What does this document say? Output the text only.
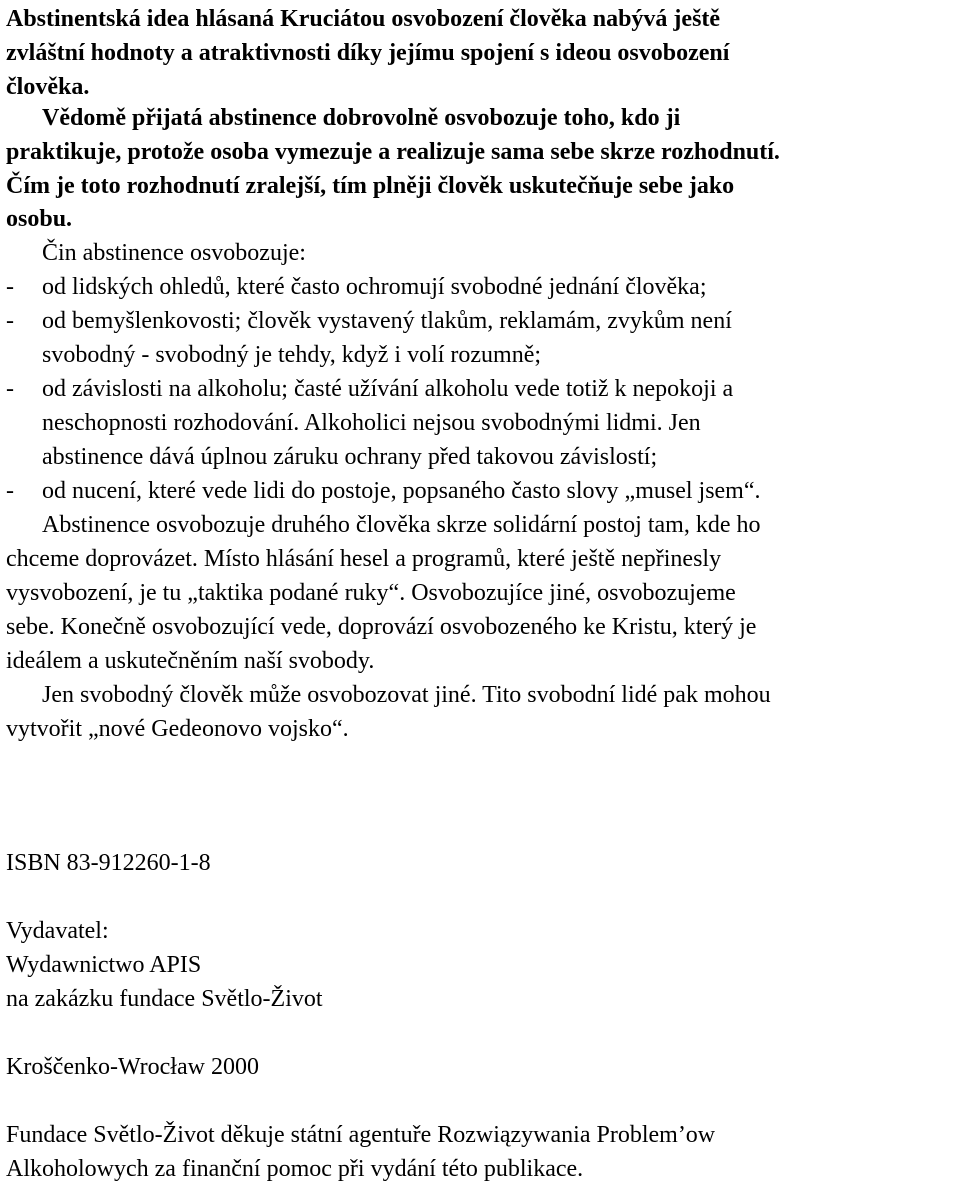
Abstinentská idea hlásaná Kruciátou osvobození člověka nabývá ještě
zvláštní hodnoty a atraktivnosti díky jejímu spojení s ideou osvobození
člověka.
Vědomě přijatá abstinence dobrovolně osvobozuje toho, kdo ji
praktikuje, protože osoba vymezuje a realizuje sama sebe skrze rozhodnutí.
Čím je toto rozhodnutí zralejší, tím plněji člověk uskutečňuje sebe jako
osobu.
Čin abstinence osvobozuje:
- od lidských ohledů, které často ochromují svobodné jednání člověka;
- od bemyšlenkovosti; člověk vystavený tlakům, reklamám, zvykům není
svobodný - svobodný je tehdy, když i volí rozumně;
- od závislosti na alkoholu; časté užívání alkoholu vede totiž k nepokoji a
neschopnosti rozhodování. Alkoholici nejsou svobodnými lidmi. Jen
abstinence dává úplnou záruku ochrany před takovou závislostí;
- od nucení, které vede lidi do postoje, popsaného často slovy „musel jsem“.
Abstinence osvobozuje druhého člověka skrze solidární postoj tam, kde ho
chceme doprovázet. Místo hlásání hesel a programů, které ještě nepřinesly
vysvobození, je tu „taktika podané ruky“. Osvobozujíce jiné, osvobozujeme
sebe. Konečně osvobozující vede, doprovází osvobozeného ke Kristu, který je
ideálem a uskutečněním naší svobody.
Jen svobodný člověk může osvobozovat jiné. Tito svobodní lidé pak mohou
vytvořit „nové Gedeonovo vojsko“.
ISBN 83-912260-1-8
Vydavatel:
Wydawnictwo APIS
na zakázku fundace Světlo-Život
Kroščenko-Wrocław 2000
Fundace Světlo-Život děkuje státní agentuře Rozwiązywania Problem’ow
Alkoholowych za finanční pomoc při vydání této publikace.
